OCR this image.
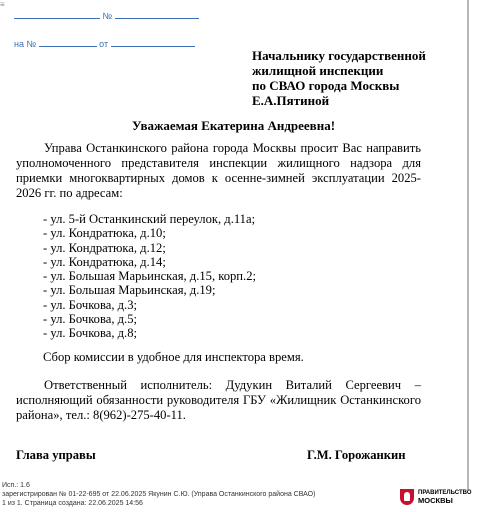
≡
№
на №	от
Начальнику государственной
жилищной инспекции
по СВАО города Москвы
Е.А.Пятиной
Уважаемая Екатерина Андреевна!
Управа Останкинского района города Москвы просит Вас направить уполномоченного представителя инспекции жилищного надзора для приемки многоквартирных домов к осенне-зимней эксплуатации 2025-2026 гг. по адресам:
- ул. 5-й Останкинский переулок, д.11а;
- ул. Кондратюка, д.10;
- ул. Кондратюка, д.12;
- ул. Кондратюка, д.14;
- ул. Большая Марьинская, д.15, корп.2;
- ул. Большая Марьинская, д.19;
- ул. Бочкова, д.3;
- ул. Бочкова, д.5;
- ул. Бочкова, д.8;
Сбор комиссии в удобное для инспектора время.
Ответственный исполнитель: Дудукин Виталий Сергеевич – исполняющий обязанности руководителя ГБУ «Жилищник Останкинского района», тел.: 8(962)-275-40-11.
Глава управы	Г.М. Горожанкин
Исп.: 1.6
зарегистрирован № 01-22-695 от 22.06.2025 Якунин С.Ю. (Управа Останкинского района СВАО)
1 из 1. Страница создана: 22.06.2025 14:56
ПРАВИТЕЛЬСТВО
МОСКВЫ
